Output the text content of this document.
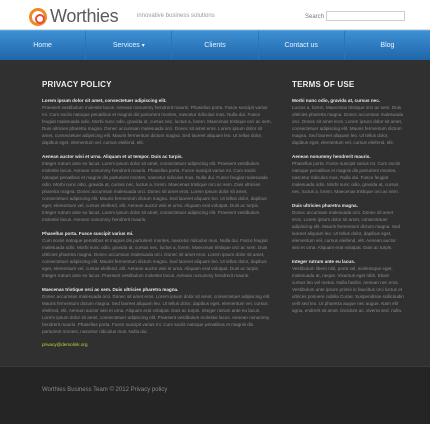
Worthies	innovative business solutions	Search
Home	Services ▾	Clients	Contact us	Blog
PRIVACY POLICY
Lorem ipsum dolor sit amet, consectetuer adipiscing elit.
Praesent vestibulum molestie lacus. Aenean nonummy hendrerit mauris. Phasellus porta. Fusce suscipit varius mi. Cum sociis natoque penatibus et magnis dis parturient montes, nascetur ridiculus mus. Nulla dui. Fusce feugiat malesuada odio. Morbi nunc odio, gravida at, cursus nec, luctus a, lorem. Maecenas tristique orci ac sem. Duis ultricies pharetra magna. Donec accumsan malesuada orci. Donec sit amet eros. Lorem ipsum dolor sit amet, consectetuer adipiscing elit. Mauris fermentum dictum magna. Sed laoreet aliquam leo. Ut tellus dolor, dapibus eget, elementum vel, cursus eleifend, elit.
Aenean auctor wisi et urna. Aliquam et ut tempor. Duis ac turpis.
Integer rutrum ante eu lacus. Lorem ipsum dolor sit amet, consectetuer adipiscing elit. Praesent vestibulum molestie lacus. Aenean nonummy hendrerit mauris. Phasellus porta. Fusce suscipit varius mi. Cum sociis natoque penatibus et magnis dis parturient montes, nascetur ridiculus mus. Nulla dui. Fusce feugiat malesuada odio. Morbi nunc odio, gravida at, cursus nec, luctus a, lorem. Maecenas tristique orci ac sem. Duis ultricies pharetra magna. Donec accumsan malesuada orci. Donec sit amet eros. Lorem ipsum dolor sit amet, consectetuer adipiscing elit. Mauris fermentum dictum magna. Sed laoreet aliquam leo. Ut tellus dolor, dapibus eget, elementum vel, cursus eleifend, elit. Aenean auctor wisi et urna. Aliquam erat volutpat. Duis ac turpis. Integer rutrum ante eu lacus. Lorem ipsum dolor sit amet, consectetuer adipiscing elit. Praesent vestibulum molestie lacus. Aenean nonummy hendrerit mauris.
Phasellus porta. Fusce suscipit varius mi.
Cum sociis natoque penatibus et magnis dis parturient montes, nascetur ridiculus mus. Nulla dui. Fusce feugiat malesuada odio. Morbi nunc odio, gravida at, cursus nec, luctus a, lorem. Maecenas tristique orci ac sem. Duis ultricies pharetra magna. Donec accumsan malesuada orci. Donec sit amet eros. Lorem ipsum dolor sit amet, consectetuer adipiscing elit. Mauris fermentum dictum magna. Sed laoreet aliquam leo. Ut tellus dolor, dapibus eget, elementum vel, cursus eleifend, elit. Aenean auctor wisi et urna. Aliquam erat volutpat. Duis ac turpis. Integer rutrum ante eu lacus. Praesent vestibulum molestie lacus. Aenean nonummy hendrerit mauris.
Maecenas tristique orci ac sem. Duis ultricies pharetra magna.
Donec accumsan malesuada orci. Donec sit amet eros. Lorem ipsum dolor sit amet, consectetuer adipiscing elit. Mauris fermentum dictum magna. Sed laoreet aliquam leo. Ut tellus dolor, dapibus eget, elementum vel, cursus eleifend, elit. Aenean auctor wisi et urna. Aliquam erat volutpat. Duis ac turpis. Integer rutrum ante eu lacus. Lorem ipsum dolor sit amet, consectetuer adipiscing elit. Praesent vestibulum molestie lacus. Aenean nonummy hendrerit mauris. Phasellus porta. Fusce suscipit varius mi. Cum sociis natoque penatibus et magnis dis parturient montes, nascetur ridiculus mus. Nulla dui.
privacy@demolink.org
TERMS OF USE
Morbi nunc odio, gravida at, cursus nec.
Luctus a, lorem. Maecenas tristique orci ac sem. Duis ultricies pharetra magna. Donec accumsan malesuada orci. Donec sit amet eros. Lorem ipsum dolor sit amet, consectetuer adipiscing elit. Mauris fermentum dictum magna. Sed laoreet aliquam leo. Ut tellus dolor, dapibus eget, elementum vel, cursus eleifend, elit.
Aenean nonummy hendrerit mauris.
Phasellus porta. Fusce suscipit varius mi. Cum sociis natoque penatibus et magnis dis parturient montes, nascetur ridiculus mus. Nulla dui. Fusce feugiat malesuada odio. Morbi nunc odio, gravida at, cursus nec, luctus a, lorem. Maecenas tristique orci ac sem.
Duis ultricies pharetra magna.
Donec accumsan malesuada orci. Donec sit amet eros. Lorem ipsum dolor sit amet, consectetuer adipiscing elit. Mauris fermentum dictum magna. Sed laoreet aliquam leo. Ut tellus dolor, dapibus eget, elementum vel, cursus eleifend, elit. Aenean auctor wisi et urna. Aliquam erat volutpat. Duis ac turpis.
Integer rutrum ante eu lacus.
Vestibulum libero nisl, porta vel, scelerisque eget, malesuada at, neque. Vivamus eget nibh. Etiam cursus leo vel metus. Nulla facilisi. Aenean nec eros. Vestibulum ante ipsum primis in faucibus orci luctus et ultrices posuere cubilia Curae; Suspendisse sollicitudin velit sed leo. Ut pharetra augue nec augue. Nam elit agna, endrerit sit amet, tincidunt ac, viverra sed, nulla.
Worthies Business Team © 2012 Privacy policy
